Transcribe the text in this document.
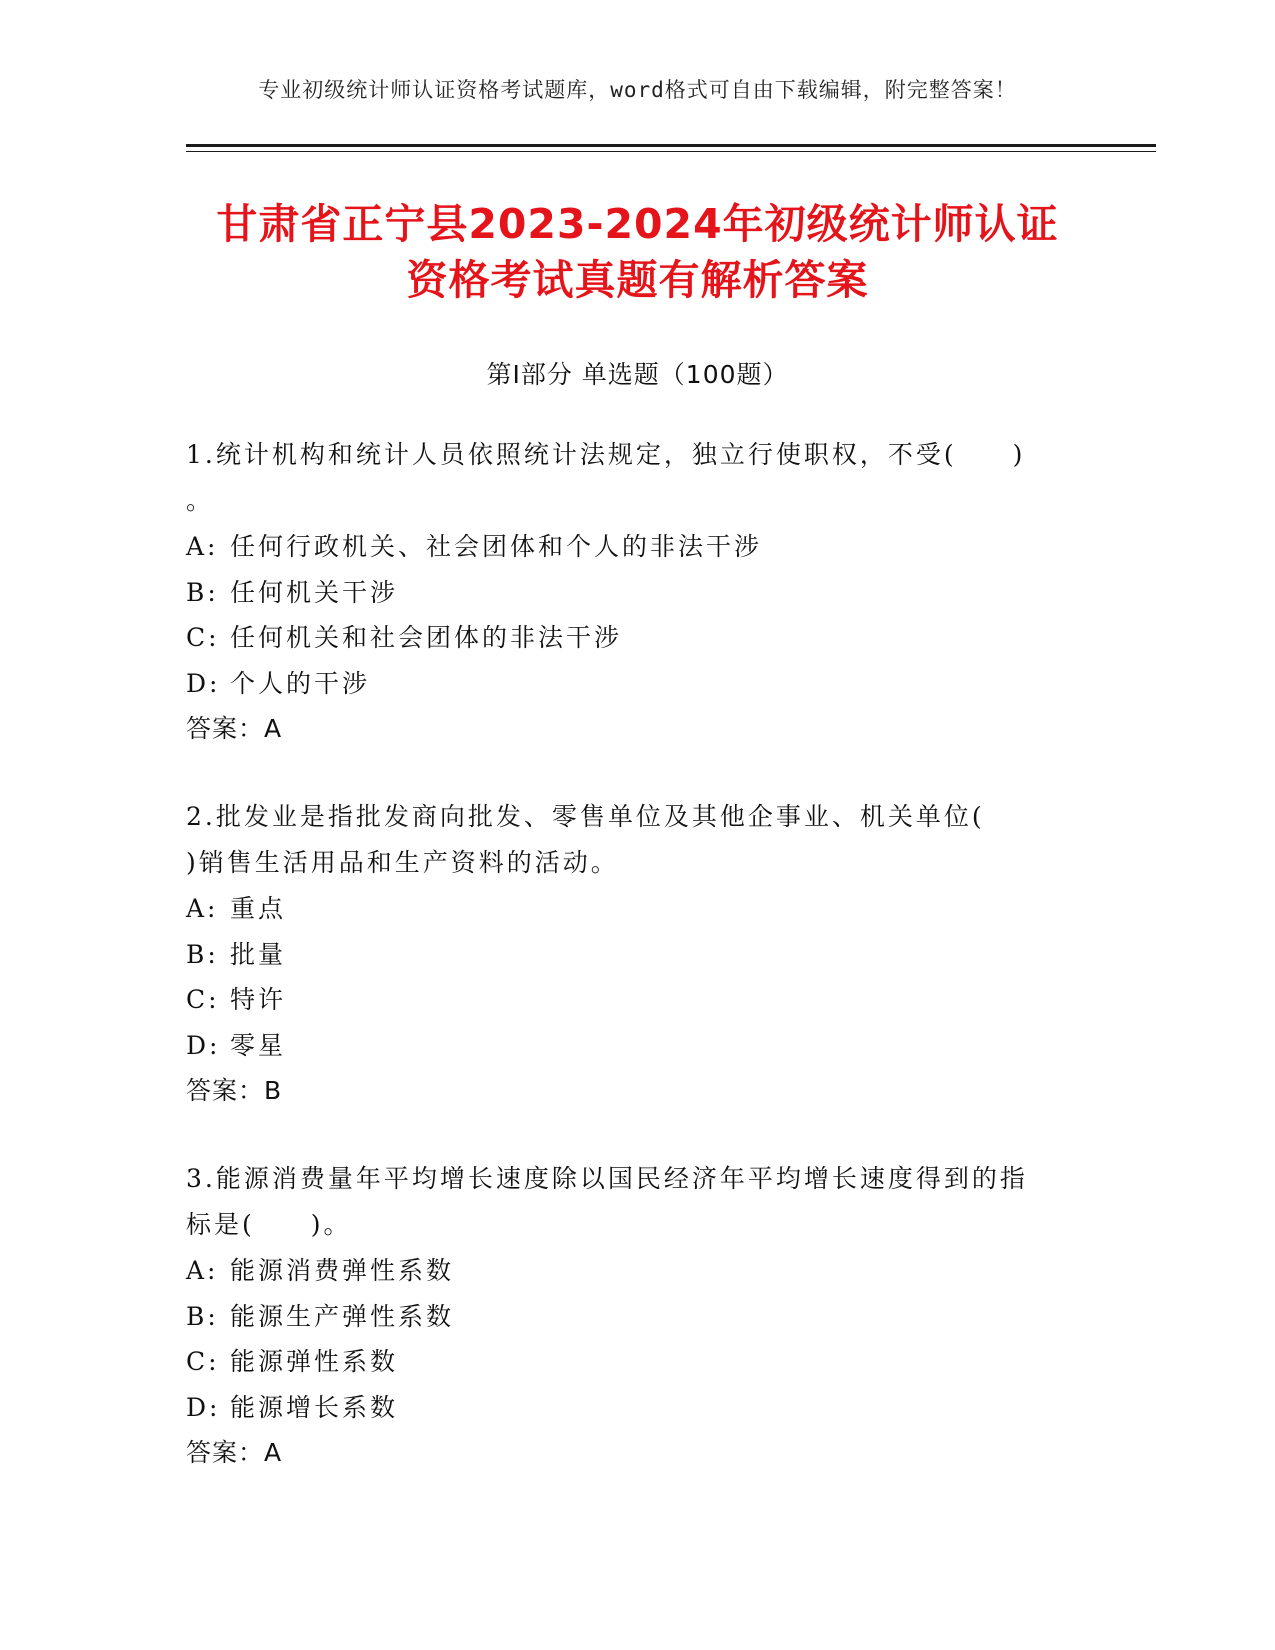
专业初级统计师认证资格考试题库，word格式可自由下载编辑，附完整答案！
甘肃省正宁县2023-2024年初级统计师认证
资格考试真题有解析答案
第Ⅰ部分 单选题（100题）
1.统计机构和统计人员依照统计法规定，独立行使职权，不受(　　)
。
A: 任何行政机关、社会团体和个人的非法干涉
B: 任何机关干涉
C: 任何机关和社会团体的非法干涉
D: 个人的干涉
答案：A
2.批发业是指批发商向批发、零售单位及其他企事业、机关单位(
)销售生活用品和生产资料的活动。
A: 重点
B: 批量
C: 特许
D: 零星
答案：B
3.能源消费量年平均增长速度除以国民经济年平均增长速度得到的指
标是(　　)。
A: 能源消费弹性系数
B: 能源生产弹性系数
C: 能源弹性系数
D: 能源增长系数
答案：A
